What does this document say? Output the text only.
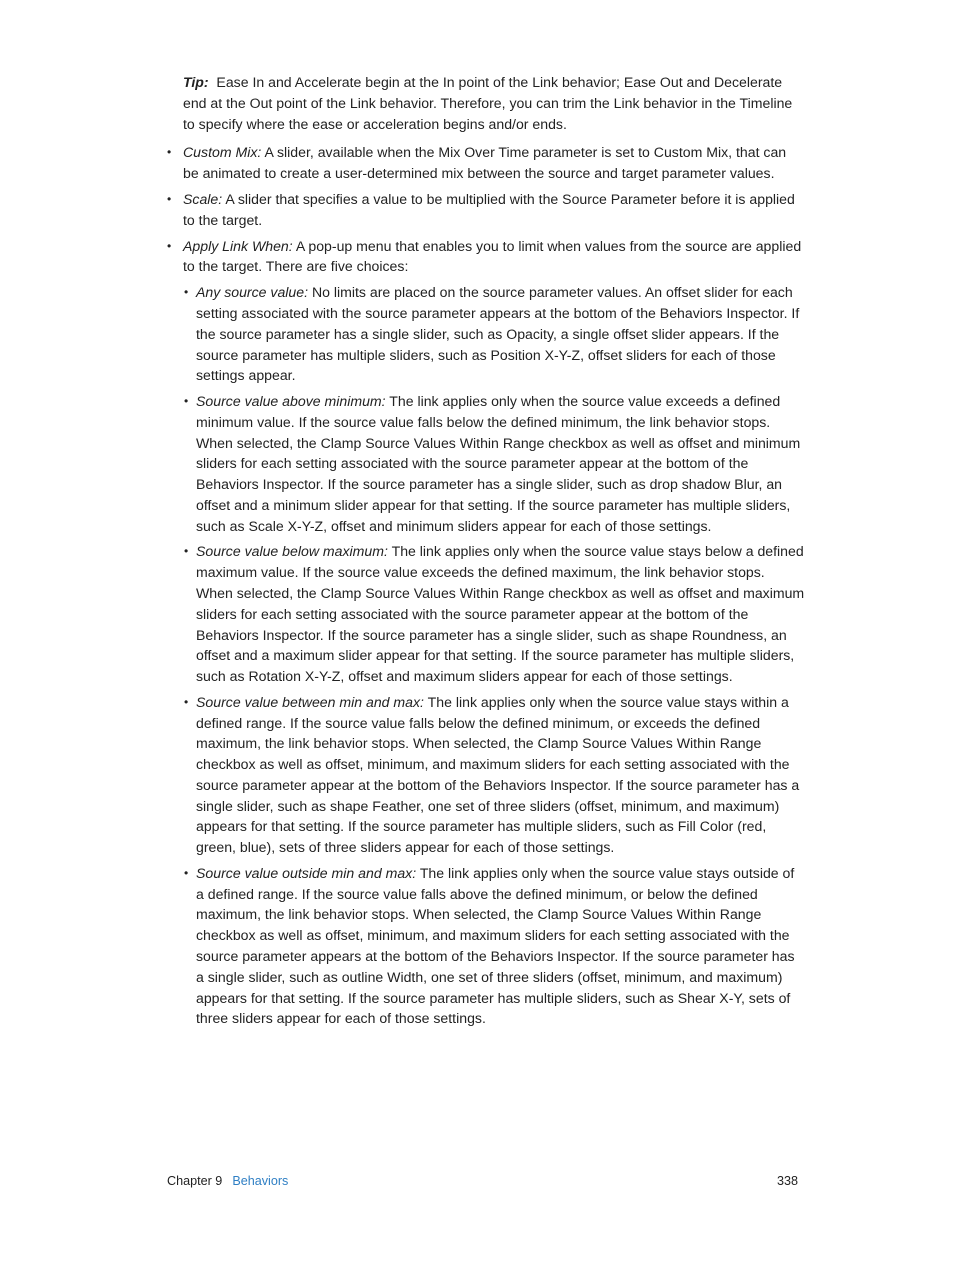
Tip: Ease In and Accelerate begin at the In point of the Link behavior; Ease Out and Decelerate end at the Out point of the Link behavior. Therefore, you can trim the Link behavior in the Timeline to specify where the ease or acceleration begins and/or ends.

• Custom Mix: A slider, available when the Mix Over Time parameter is set to Custom Mix, that can be animated to create a user-determined mix between the source and target parameter values.
• Scale: A slider that specifies a value to be multiplied with the Source Parameter before it is applied to the target.
• Apply Link When: A pop-up menu that enables you to limit when values from the source are applied to the target. There are five choices:
• Any source value: No limits are placed on the source parameter values. An offset slider for each setting associated with the source parameter appears at the bottom of the Behaviors Inspector. If the source parameter has a single slider, such as Opacity, a single offset slider appears. If the source parameter has multiple sliders, such as Position X-Y-Z, offset sliders for each of those settings appear.
• Source value above minimum: The link applies only when the source value exceeds a defined minimum value. If the source value falls below the defined minimum, the link behavior stops. When selected, the Clamp Source Values Within Range checkbox as well as offset and minimum sliders for each setting associated with the source parameter appear at the bottom of the Behaviors Inspector. If the source parameter has a single slider, such as drop shadow Blur, an offset and a minimum slider appear for that setting. If the source parameter has multiple sliders, such as Scale X-Y-Z, offset and minimum sliders appear for each of those settings.
• Source value below maximum: The link applies only when the source value stays below a defined maximum value. If the source value exceeds the defined maximum, the link behavior stops. When selected, the Clamp Source Values Within Range checkbox as well as offset and maximum sliders for each setting associated with the source parameter appear at the bottom of the Behaviors Inspector. If the source parameter has a single slider, such as shape Roundness, an offset and a maximum slider appear for that setting. If the source parameter has multiple sliders, such as Rotation X-Y-Z, offset and maximum sliders appear for each of those settings.
• Source value between min and max: The link applies only when the source value stays within a defined range. If the source value falls below the defined minimum, or exceeds the defined maximum, the link behavior stops. When selected, the Clamp Source Values Within Range checkbox as well as offset, minimum, and maximum sliders for each setting associated with the source parameter appear at the bottom of the Behaviors Inspector. If the source parameter has a single slider, such as shape Feather, one set of three sliders (offset, minimum, and maximum) appears for that setting. If the source parameter has multiple sliders, such as Fill Color (red, green, blue), sets of three sliders appear for each of those settings.
• Source value outside min and max: The link applies only when the source value stays outside of a defined range. If the source value falls above the defined minimum, or below the defined maximum, the link behavior stops. When selected, the Clamp Source Values Within Range checkbox as well as offset, minimum, and maximum sliders for each setting associated with the source parameter appears at the bottom of the Behaviors Inspector. If the source parameter has a single slider, such as outline Width, one set of three sliders (offset, minimum, and maximum) appears for that setting. If the source parameter has multiple sliders, such as Shear X-Y, sets of three sliders appear for each of those settings.
Chapter 9 Behaviors	338
